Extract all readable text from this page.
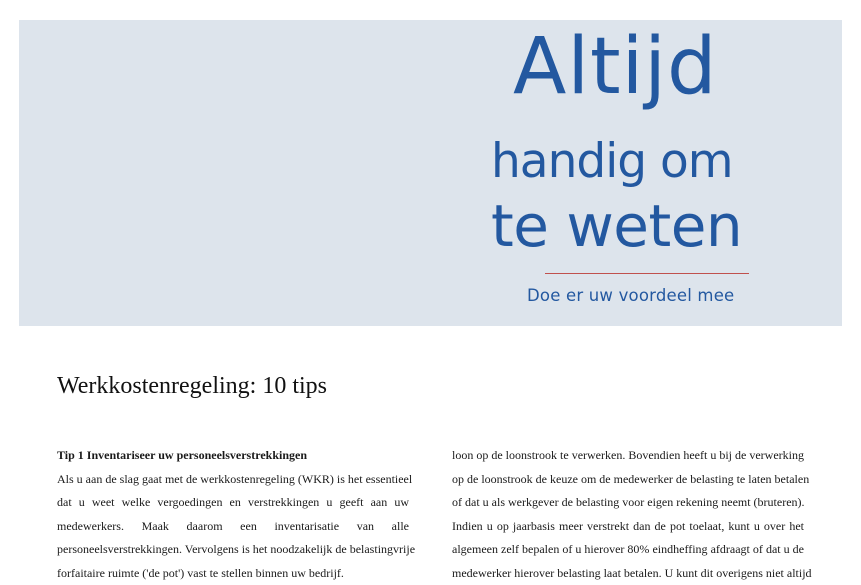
Altijd
handig om
te weten
Doe er uw voordeel mee
Werkkostenregeling: 10 tips
Tip 1 Inventariseer uw personeelsverstrekkingen
Als u aan de slag gaat met de werkkostenregeling (WKR) is het essentieel
dat u weet welke vergoedingen en verstrekkingen u geeft aan uw
medewerkers. Maak daarom een inventarisatie van alle
personeelsverstrekkingen. Vervolgens is het noodzakelijk de belastingvrije
forfaitaire ruimte ('de pot') vast te stellen binnen uw bedrijf.
loon op de loonstrook te verwerken. Bovendien heeft u bij de verwerking
op de loonstrook de keuze om de medewerker de belasting te laten betalen
of dat u als werkgever de belasting voor eigen rekening neemt (bruteren).
Indien u op jaarbasis meer verstrekt dan de pot toelaat, kunt u over het
algemeen zelf bepalen of u hierover 80% eindheffing afdraagt of dat u de
medewerker hierover belasting laat betalen. U kunt dit overigens niet altijd
